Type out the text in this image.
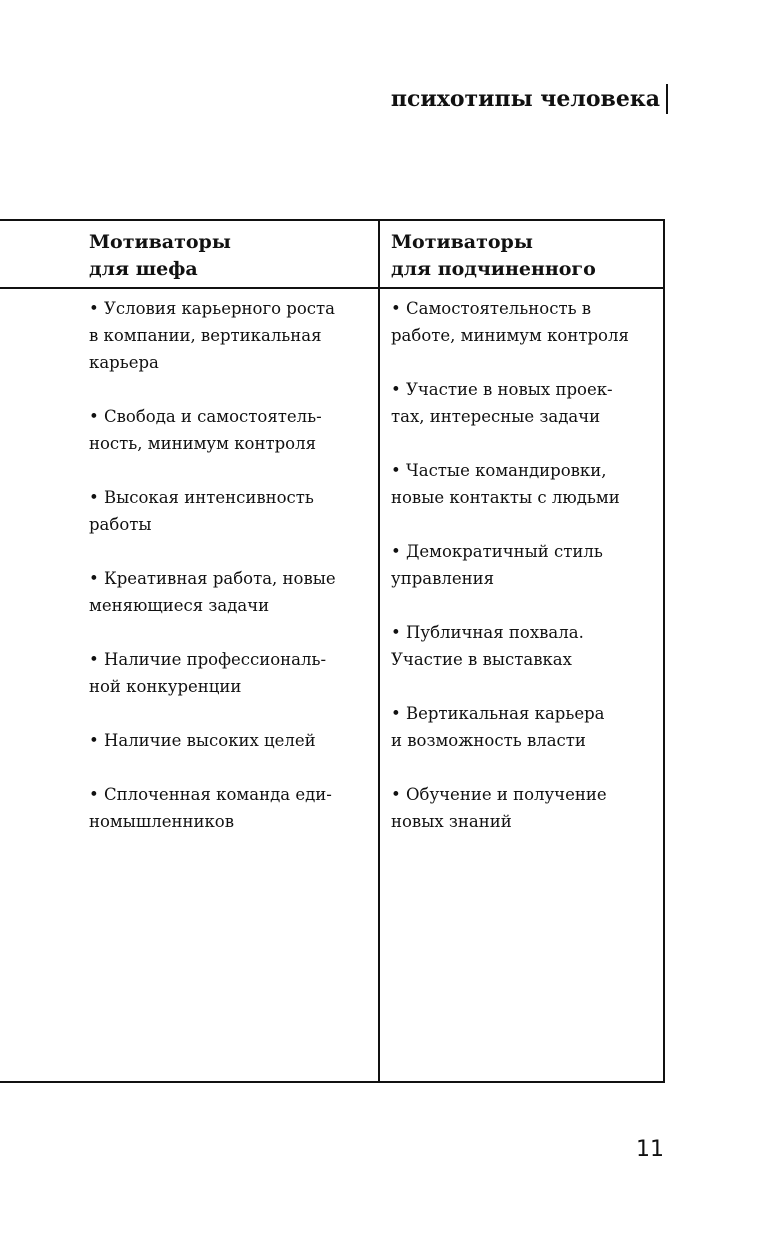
психотипы человека
Мотиваторы
для шефа
Мотиваторы
для подчиненного

• Условия карьерного роста
в компании, вертикальная
карьера

• Свобода и самостоятель-
ность, минимум контроля

• Высокая интенсивность
работы

• Креативная работа, новые
меняющиеся задачи

• Наличие профессиональ-
ной конкуренции

• Наличие высоких целей

• Сплоченная команда еди-
номышленников

• Самостоятельность в
работе, минимум контроля

• Участие в новых проек-
тах, интересные задачи

• Частые командировки,
новые контакты с людьми

• Демократичный стиль
управления

• Публичная похвала.
Участие в выставках

• Вертикальная карьера
и возможность власти

• Обучение и получение
новых знаний

11
